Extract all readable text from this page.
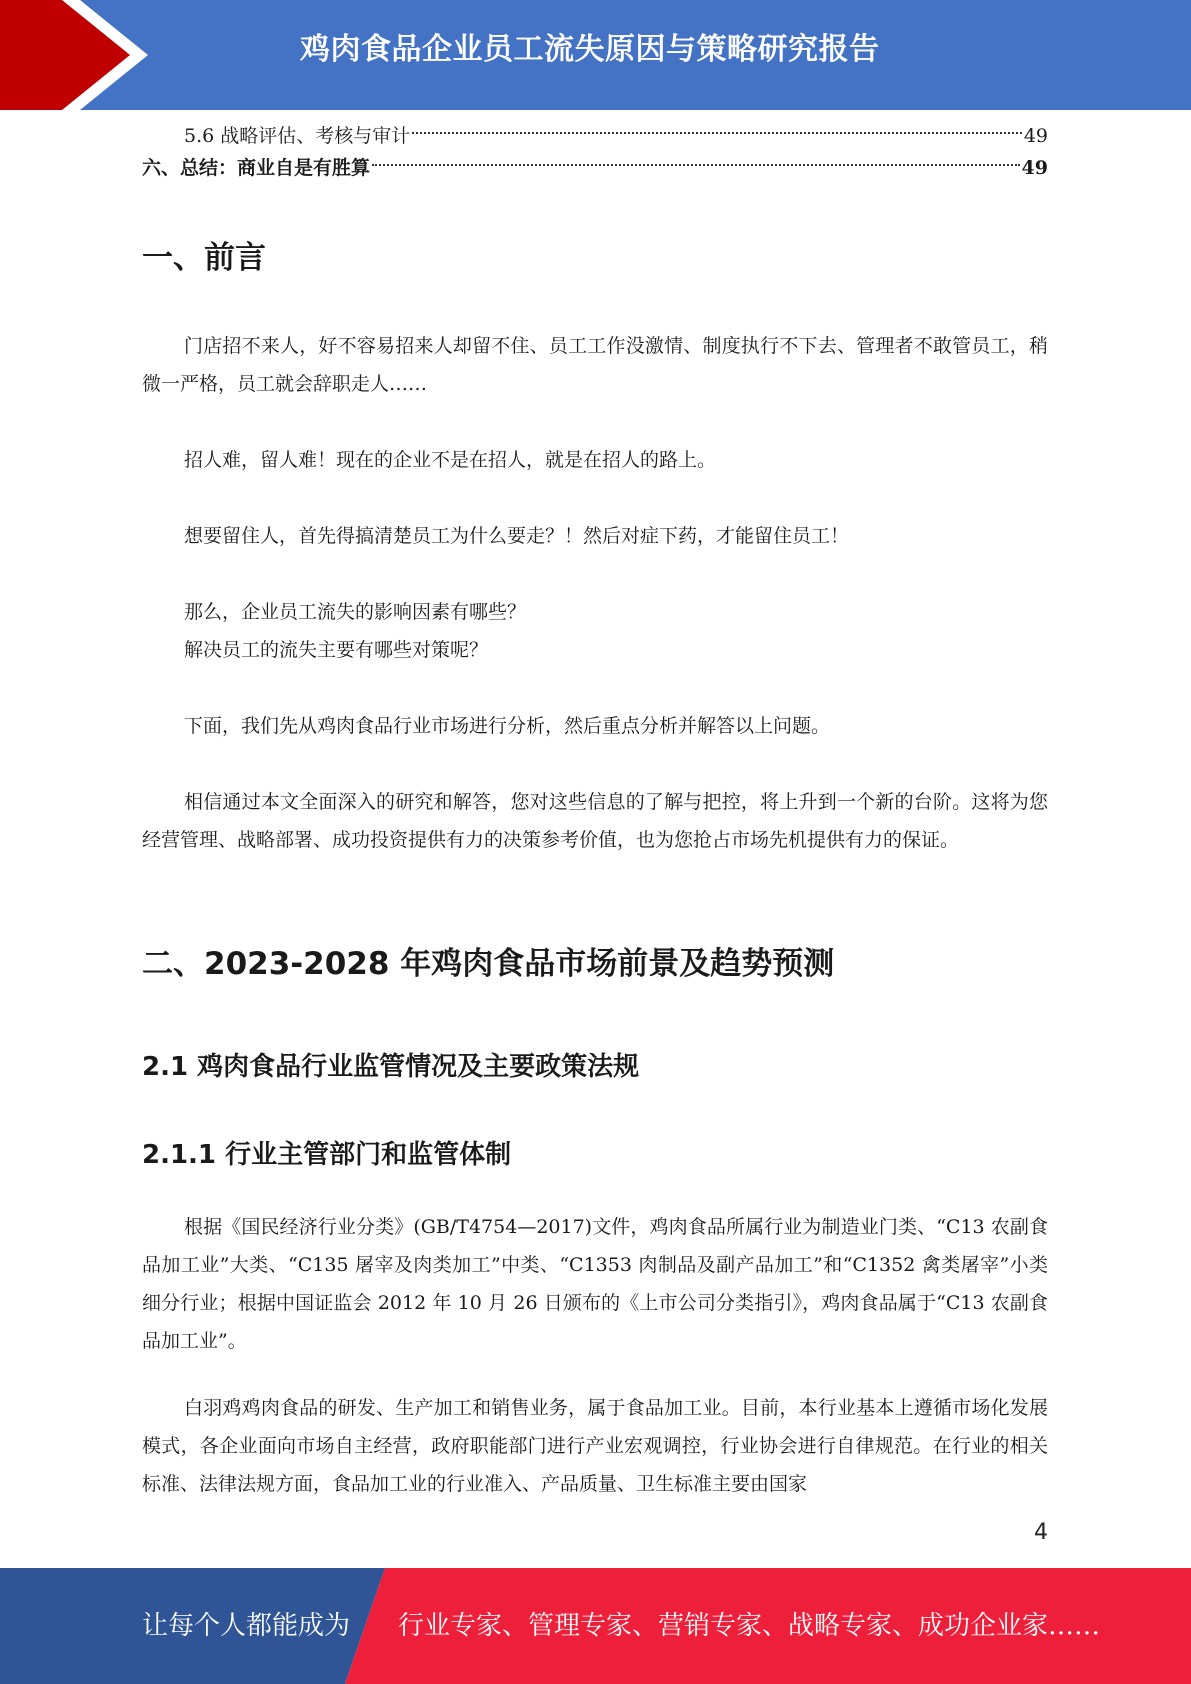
鸡肉食品企业员工流失原因与策略研究报告
5.6 战略评估、考核与审计	49
六、总结：商业自是有胜算	49
一、前言

门店招不来人，好不容易招来人却留不住、员工工作没激情、制度执行不下去、管理者不敢管员工，稍微一严格，员工就会辞职走人……

招人难，留人难！现在的企业不是在招人，就是在招人的路上。

想要留住人，首先得搞清楚员工为什么要走？！然后对症下药，才能留住员工！

那么，企业员工流失的影响因素有哪些？

解决员工的流失主要有哪些对策呢？

下面，我们先从鸡肉食品行业市场进行分析，然后重点分析并解答以上问题。

相信通过本文全面深入的研究和解答，您对这些信息的了解与把控，将上升到一个新的台阶。这将为您经营管理、战略部署、成功投资提供有力的决策参考价值，也为您抢占市场先机提供有力的保证。

二、2023-2028 年鸡肉食品市场前景及趋势预测
2.1 鸡肉食品行业监管情况及主要政策法规
2.1.1 行业主管部门和监管体制

根据《国民经济行业分类》(GB/T4754—2017)文件，鸡肉食品所属行业为制造业门类、“C13 农副食品加工业”大类、“C135 屠宰及肉类加工”中类、“C1353 肉制品及副产品加工”和“C1352 禽类屠宰”小类细分行业；根据中国证监会 2012 年 10 月 26 日颁布的《上市公司分类指引》，鸡肉食品属于“C13 农副食品加工业”。

白羽鸡鸡肉食品的研发、生产加工和销售业务，属于食品加工业。目前，本行业基本上遵循市场化发展模式，各企业面向市场自主经营，政府职能部门进行产业宏观调控，行业协会进行自律规范。在行业的相关标准、法律法规方面，食品加工业的行业准入、产品质量、卫生标准主要由国家

4
让每个人都能成为 行业专家、管理专家、营销专家、战略专家、成功企业家……
